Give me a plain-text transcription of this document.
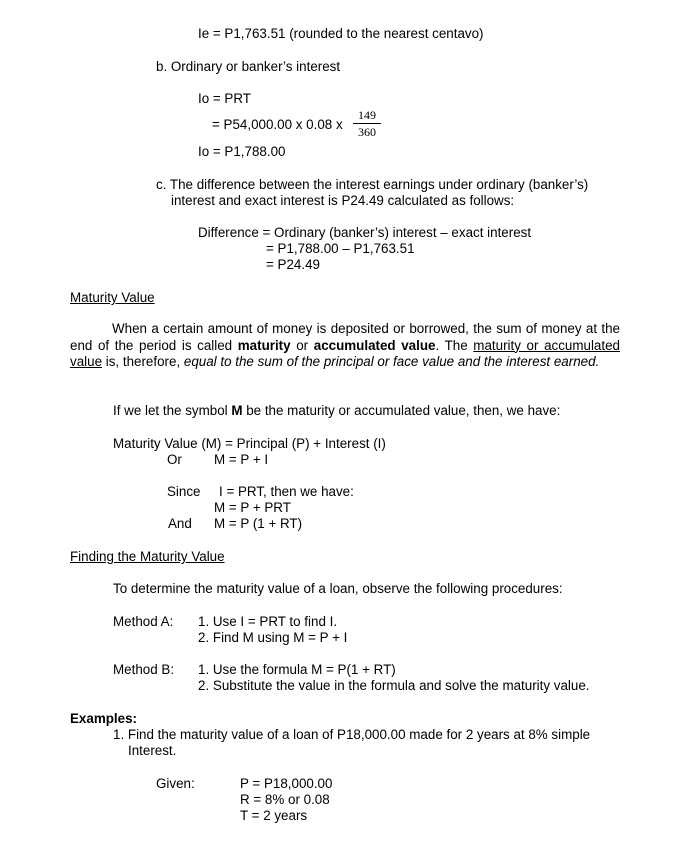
Ie = P1,763.51 (rounded to the nearest centavo)
b. Ordinary or banker’s interest
Io = PRT
= P54,000.00 x 0.08 x
149
360
Io = P1,788.00
c. The difference between the interest earnings under ordinary (banker’s)
interest and exact interest is P24.49 calculated as follows:
Difference = Ordinary (banker’s) interest – exact interest
= P1,788.00 – P1,763.51
= P24.49
Maturity Value
When a certain amount of money is deposited or borrowed, the sum of money at the end of the period is called maturity or accumulated value. The maturity or accumulated value is, therefore, equal to the sum of the principal or face value and the interest earned.
If we let the symbol M be the maturity or accumulated value, then, we have:
Maturity Value (M) = Principal (P) + Interest (I)
Or M = P + I
Since I = PRT, then we have:
M = P + PRT
And M = P (1 + RT)
Finding the Maturity Value
To determine the maturity value of a loan, observe the following procedures:
Method A: 1. Use I = PRT to find I.
2. Find M using M = P + I
Method B: 1. Use the formula M = P(1 + RT)
2. Substitute the value in the formula and solve the maturity value.
Examples:
1. Find the maturity value of a loan of P18,000.00 made for 2 years at 8% simple
Interest.
Given:	P = P18,000.00
R = 8% or 0.08
T = 2 years
